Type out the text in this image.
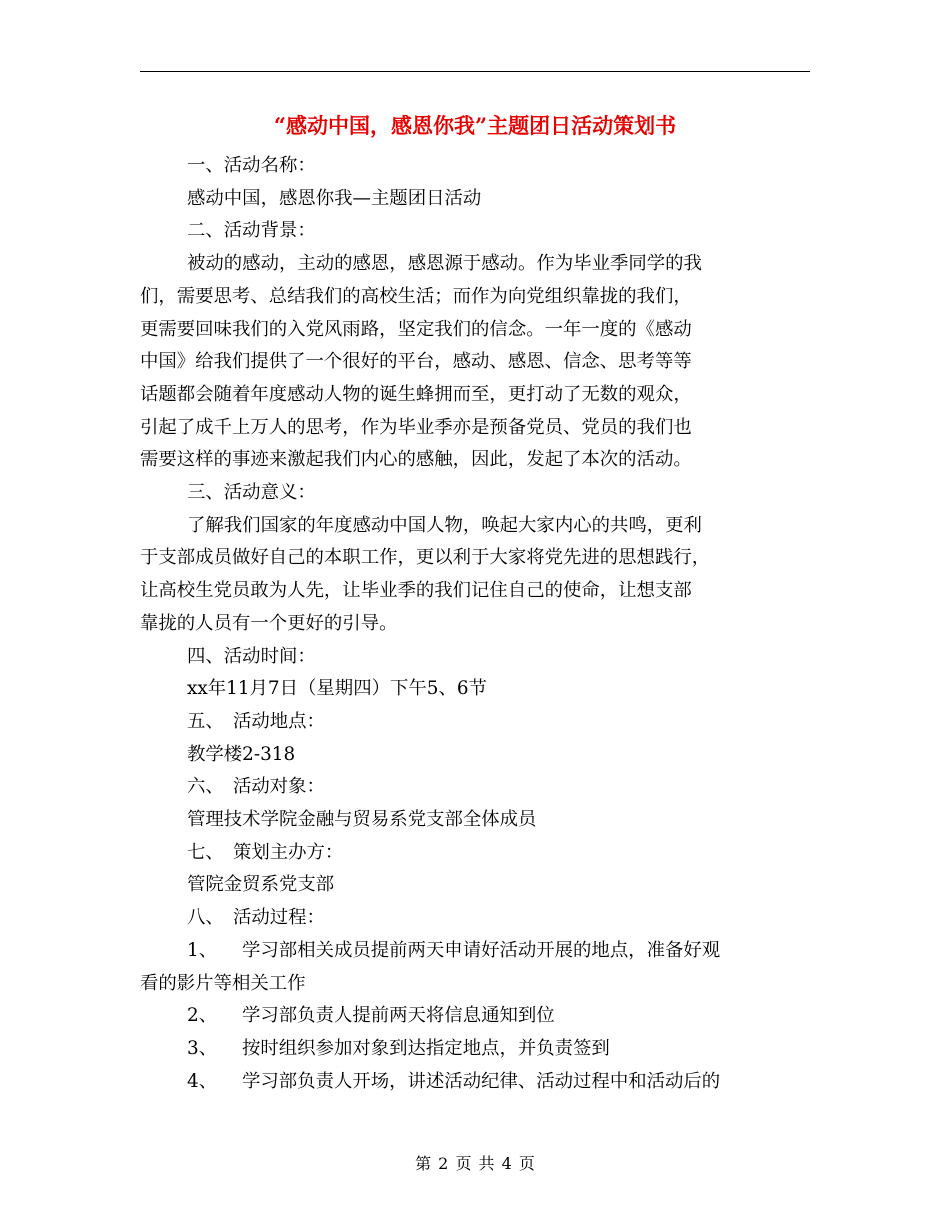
“感动中国，感恩你我”主题团日活动策划书

一、活动名称：

感动中国，感恩你我—主题团日活动

二、活动背景：

被动的感动，主动的感恩，感恩源于感动。作为毕业季同学的我

们，需要思考、总结我们的高校生活；而作为向党组织靠拢的我们，

更需要回味我们的入党风雨路，坚定我们的信念。一年一度的《感动

中国》给我们提供了一个很好的平台，感动、感恩、信念、思考等等

话题都会随着年度感动人物的诞生蜂拥而至，更打动了无数的观众，

引起了成千上万人的思考，作为毕业季亦是预备党员、党员的我们也

需要这样的事迹来激起我们内心的感触，因此，发起了本次的活动。

三、活动意义：

了解我们国家的年度感动中国人物，唤起大家内心的共鸣，更利

于支部成员做好自己的本职工作，更以利于大家将党先进的思想践行，

让高校生党员敢为人先，让毕业季的我们记住自己的使命，让想支部

靠拢的人员有一个更好的引导。

四、活动时间：

xx年11月7日（星期四）下午5、6节

五、　活动地点：

教学楼2-318

六、　活动对象：

管理技术学院金融与贸易系党支部全体成员

七、　策划主办方：

管院金贸系党支部

八、　活动过程：

1、 学习部相关成员提前两天申请好活动开展的地点，准备好观

看的影片等相关工作

2、 学习部负责人提前两天将信息通知到位

3、 按时组织参加对象到达指定地点，并负责签到

4、 学习部负责人开场，讲述活动纪律、活动过程中和活动后的

第 2 页 共 4 页
